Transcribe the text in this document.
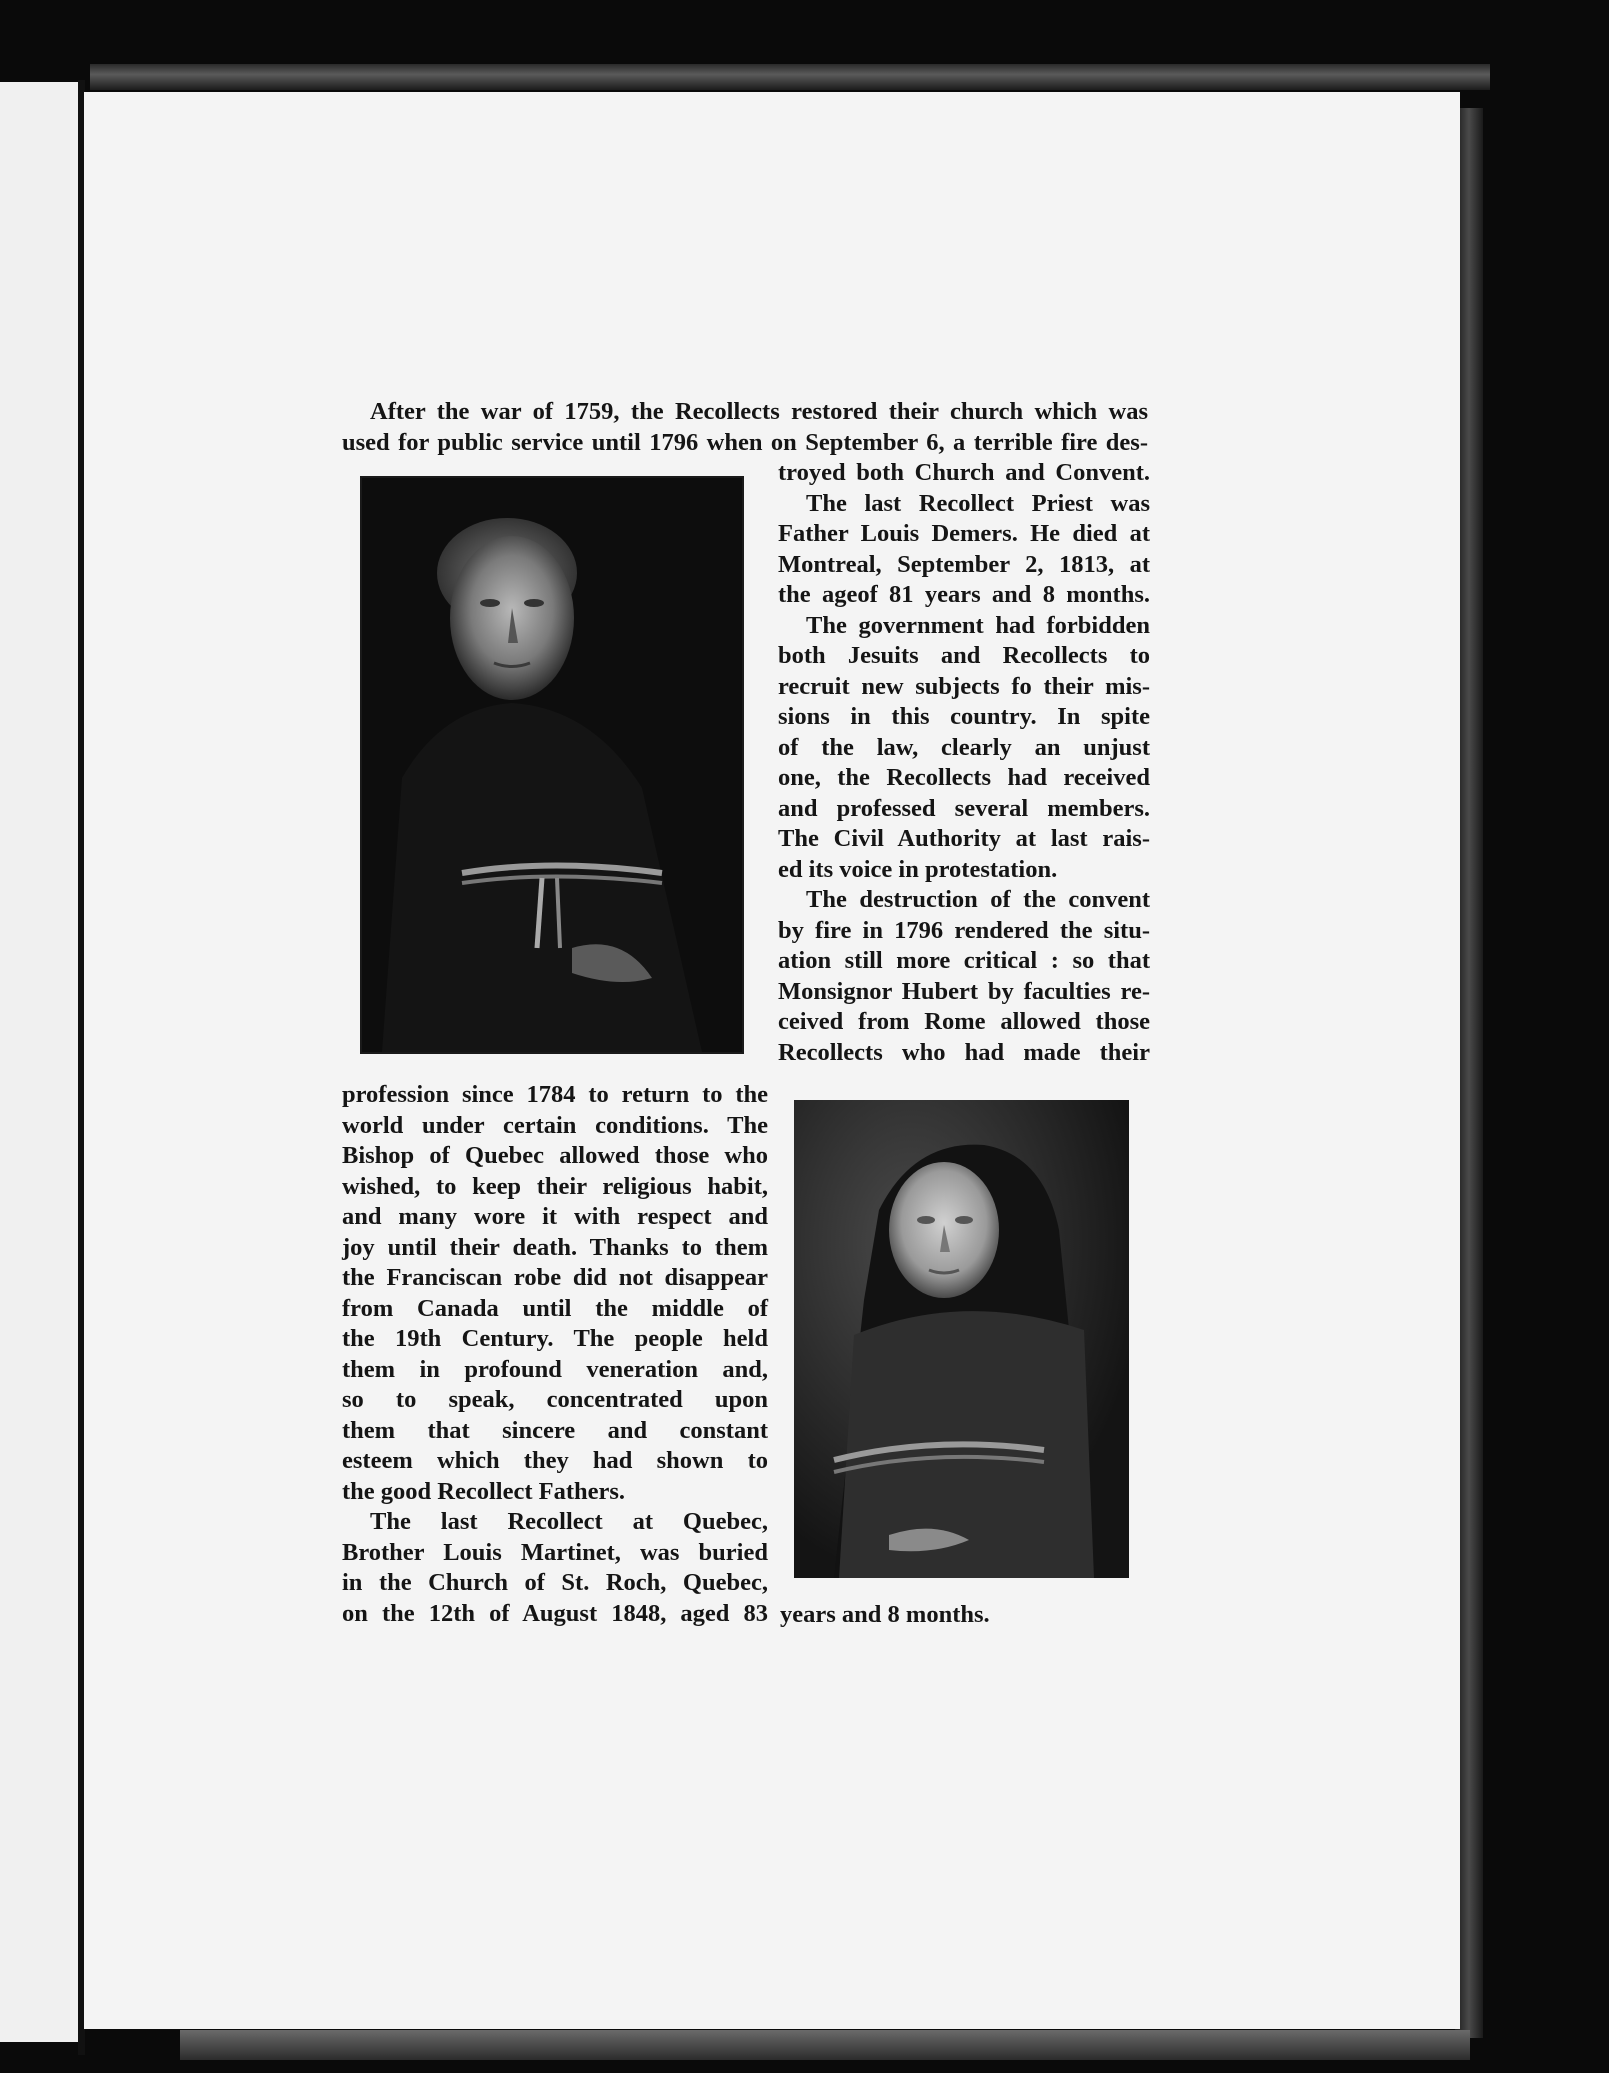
After the war of 1759, the Recollects restored their church which was

used for public service until 1796 when on September 6, a terrible fire des-

troyed both Church and Convent.

The last Recollect Priest was

Father Louis Demers. He died at

Montreal, September 2, 1813, at

the ageof 81 years and 8 months.

The government had forbidden

both Jesuits and Recollects to

recruit new subjects fo their mis-

sions in this country. In spite

of the law, clearly an unjust

one, the Recollects had received

and professed several members.

The Civil Authority at last rais-

ed its voice in protestation.

The destruction of the convent

by fire in 1796 rendered the situ-

ation still more critical : so that

Monsignor Hubert by faculties re-

ceived from Rome allowed those

Recollects who had made their

profession since 1784 to return to the

world under certain conditions. The

Bishop of Quebec allowed those who

wished, to keep their religious habit,

and many wore it with respect and

joy until their death. Thanks to them

the Franciscan robe did not disappear

from Canada until the middle of

the 19th Century. The people held

them in profound veneration and,

so to speak, concentrated upon

them that sincere and constant

esteem which they had shown to

the good Recollect Fathers.

The last Recollect at Quebec,

Brother Louis Martinet, was buried

in the Church of St. Roch, Quebec,

on the 12th of August 1848, aged 83 years and 8 months.
